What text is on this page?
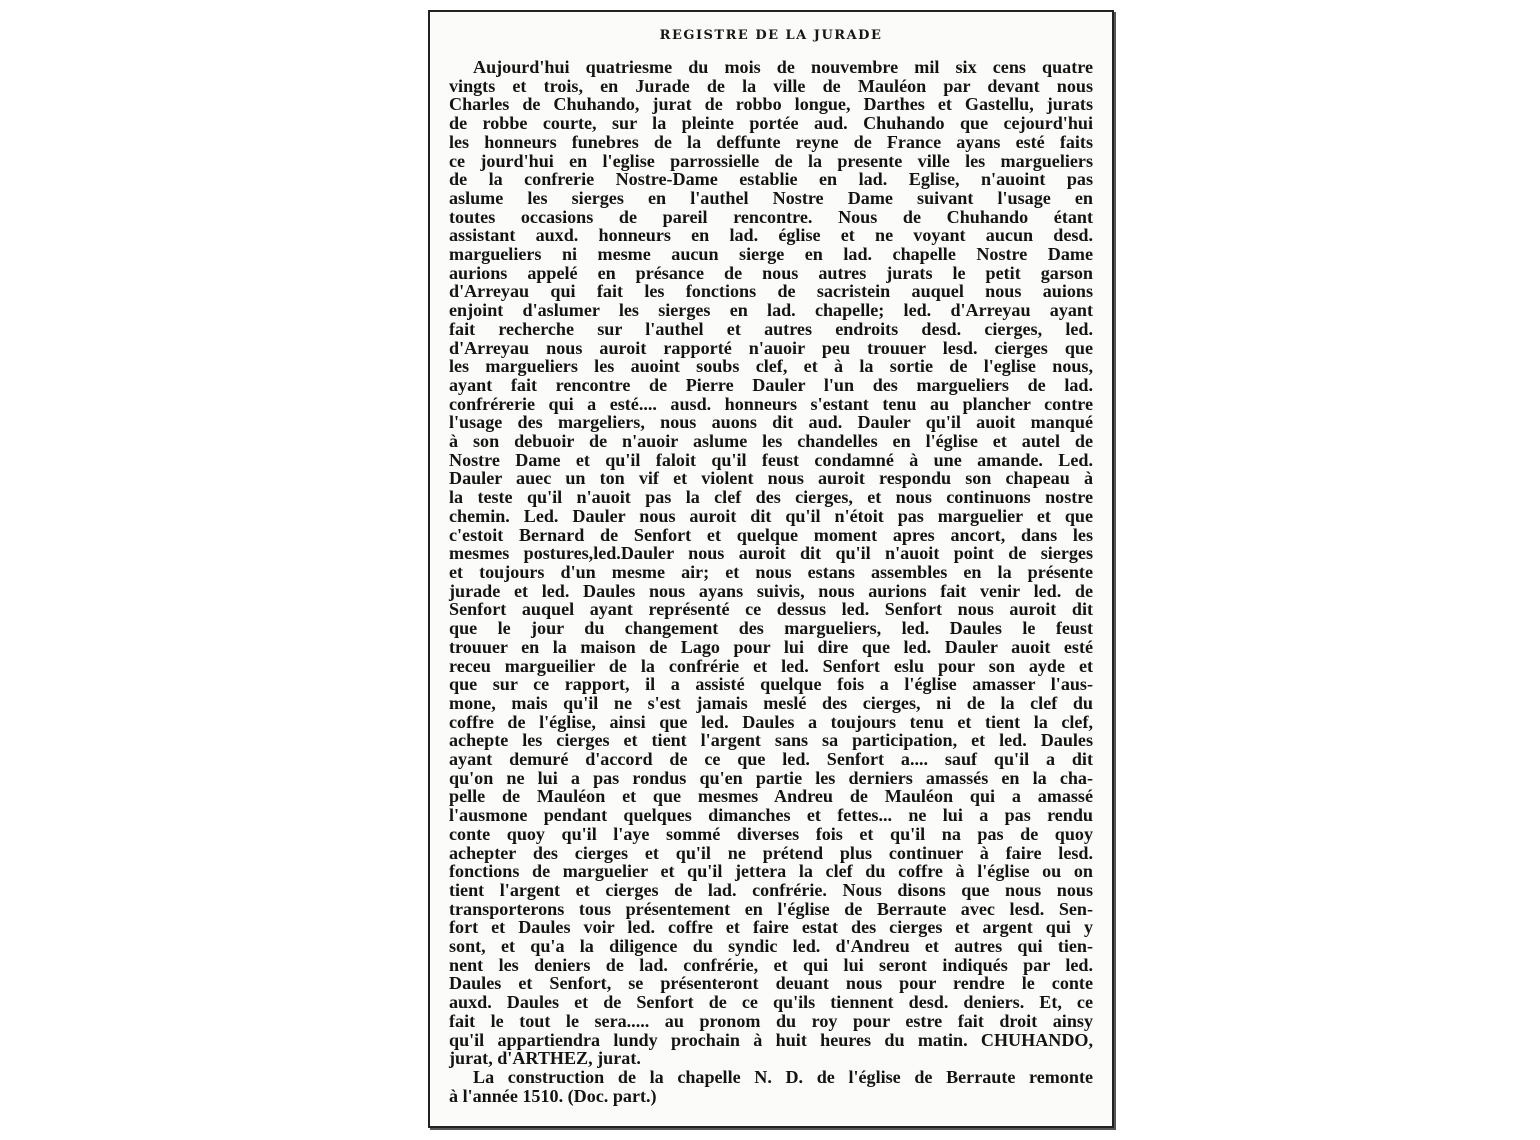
REGISTRE DE LA JURADE
Aujourd'hui quatriesme du mois de nouvembre mil six cens quatre
vingts et trois, en Jurade de la ville de Mauléon par devant nous
Charles de Chuhando, jurat de robbo longue, Darthes et Gastellu, jurats
de robbe courte, sur la pleinte portée aud. Chuhando que cejourd'hui
les honneurs funebres de la deffunte reyne de France ayans esté faits
ce jourd'hui en l'eglise parrossielle de la presente ville les margueliers
de la confrerie Nostre-Dame establie en lad. Eglise, n'auoint pas
aslume les sierges en l'authel Nostre Dame suivant l'usage en
toutes occasions de pareil rencontre. Nous de Chuhando étant
assistant auxd. honneurs en lad. église et ne voyant aucun desd.
margueliers ni mesme aucun sierge en lad. chapelle Nostre Dame
aurions appelé en présance de nous autres jurats le petit garson
d'Arreyau qui fait les fonctions de sacristein auquel nous auions
enjoint d'aslumer les sierges en lad. chapelle; led. d'Arreyau ayant
fait recherche sur l'authel et autres endroits desd. cierges, led.
d'Arreyau nous auroit rapporté n'auoir peu trouuer lesd. cierges que
les margueliers les auoint soubs clef, et à la sortie de l'eglise nous,
ayant fait rencontre de Pierre Dauler l'un des margueliers de lad.
confrérerie qui a esté.... ausd. honneurs s'estant tenu au plancher contre
l'usage des margeliers, nous auons dit aud. Dauler qu'il auoit manqué
à son debuoir de n'auoir aslume les chandelles en l'église et autel de
Nostre Dame et qu'il faloit qu'il feust condamné à une amande. Led.
Dauler auec un ton vif et violent nous auroit respondu son chapeau à
la teste qu'il n'auoit pas la clef des cierges, et nous continuons nostre
chemin. Led. Dauler nous auroit dit qu'il n'étoit pas marguelier et que
c'estoit Bernard de Senfort et quelque moment apres ancort, dans les
mesmes postures,led.Dauler nous auroit dit qu'il n'auoit point de sierges
et toujours d'un mesme air; et nous estans assembles en la présente
jurade et led. Daules nous ayans suivis, nous aurions fait venir led. de
Senfort auquel ayant représenté ce dessus led. Senfort nous auroit dit
que le jour du changement des margueliers, led. Daules le feust
trouuer en la maison de Lago pour lui dire que led. Dauler auoit esté
receu margueilier de la confrérie et led. Senfort eslu pour son ayde et
que sur ce rapport, il a assisté quelque fois a l'église amasser l'aus-
mone, mais qu'il ne s'est jamais meslé des cierges, ni de la clef du
coffre de l'église, ainsi que led. Daules a toujours tenu et tient la clef,
achepte les cierges et tient l'argent sans sa participation, et led. Daules
ayant demuré d'accord de ce que led. Senfort a.... sauf qu'il a dit
qu'on ne lui a pas rondus qu'en partie les derniers amassés en la cha-
pelle de Mauléon et que mesmes Andreu de Mauléon qui a amassé
l'ausmone pendant quelques dimanches et fettes... ne lui a pas rendu
conte quoy qu'il l'aye sommé diverses fois et qu'il na pas de quoy
achepter des cierges et qu'il ne prétend plus continuer à faire lesd.
fonctions de marguelier et qu'il jettera la clef du coffre à l'église ou on
tient l'argent et cierges de lad. confrérie. Nous disons que nous nous
transporterons tous présentement en l'église de Berraute avec lesd. Sen-
fort et Daules voir led. coffre et faire estat des cierges et argent qui y
sont, et qu'a la diligence du syndic led. d'Andreu et autres qui tien-
nent les deniers de lad. confrérie, et qui lui seront indiqués par led.
Daules et Senfort, se présenteront deuant nous pour rendre le conte
auxd. Daules et de Senfort de ce qu'ils tiennent desd. deniers. Et, ce
fait le tout le sera..... au pronom du roy pour estre fait droit ainsy
qu'il appartiendra lundy prochain à huit heures du matin. CHUHANDO,
jurat, d'ARTHEZ, jurat.
La construction de la chapelle N. D. de l'église de Berraute remonte
à l'année 1510. (Doc. part.)
